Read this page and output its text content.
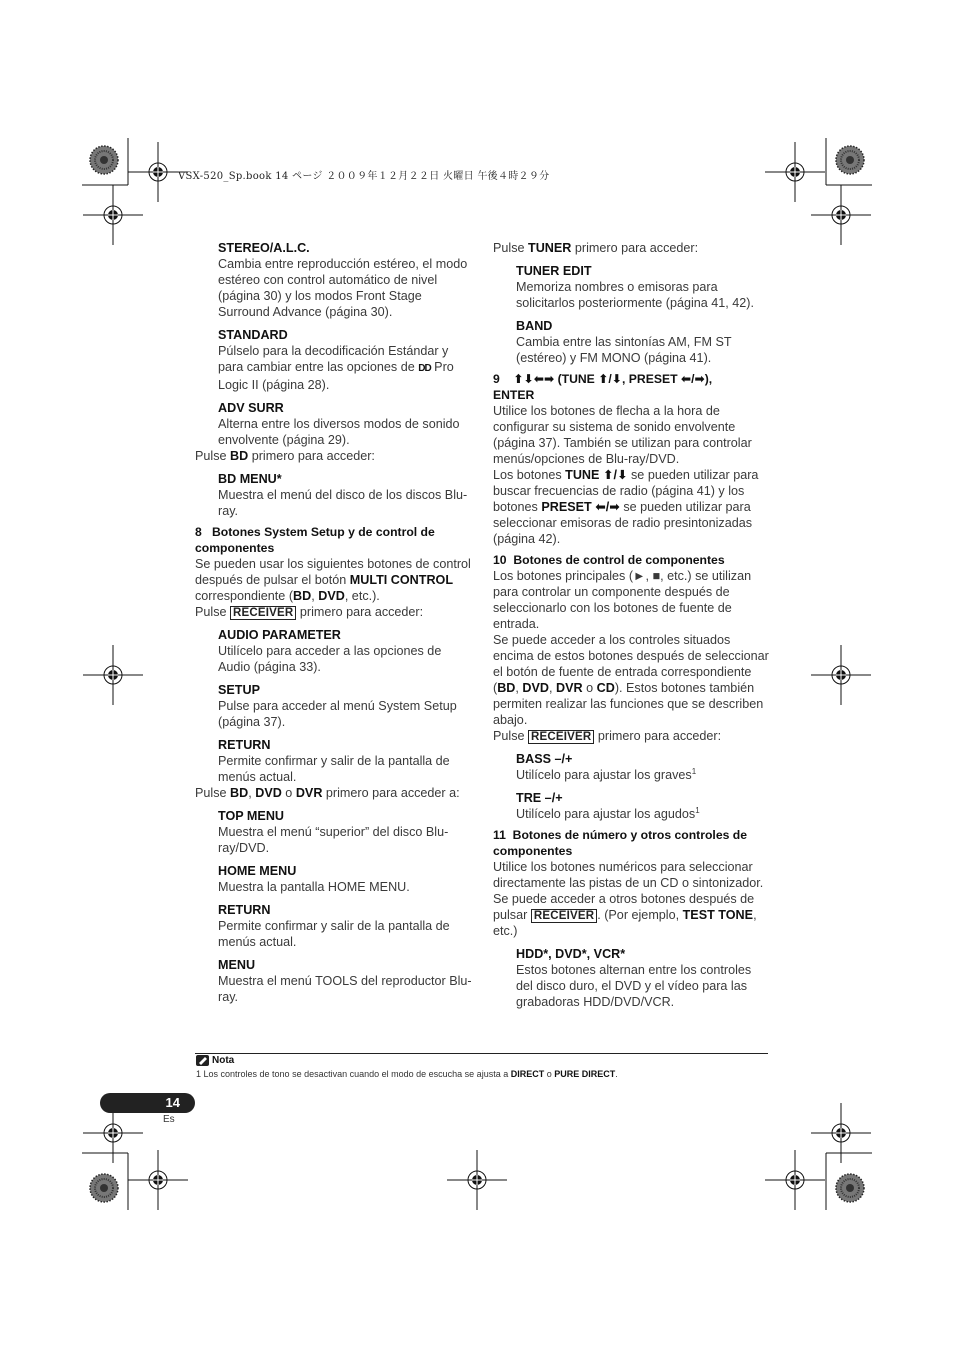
VSX-520_Sp.book 14 ページ ２００９年１２月２２日 火曜日 午後４時２９分

STEREO/A.L.C.

Cambia entre reproducción estéreo, el modo estéreo con control automático de nivel (página 30) y los modos Front Stage Surround Advance (página 30).

STANDARD

Púlselo para la decodificación Estándar y para cambiar entre las opciones de DD Pro Logic II (página 28).

ADV SURR

Alterna entre los diversos modos de sonido envolvente (página 29).

Pulse BD primero para acceder:

BD MENU*

Muestra el menú del disco de los discos Blu-ray.

8 Botones System Setup y de control de componentes

Se pueden usar los siguientes botones de control después de pulsar el botón MULTI CONTROL correspondiente (BD, DVD, etc.).

Pulse RECEIVER primero para acceder:

AUDIO PARAMETER

Utilícelo para acceder a las opciones de Audio (página 33).

SETUP

Pulse para acceder al menú System Setup (página 37).

RETURN

Permite confirmar y salir de la pantalla de menús actual.

Pulse BD, DVD o DVR primero para acceder a:

TOP MENU

Muestra el menú “superior” del disco Blu-ray/DVD.

HOME MENU

Muestra la pantalla HOME MENU.

RETURN

Permite confirmar y salir de la pantalla de menús actual.

MENU

Muestra el menú TOOLS del reproductor Blu-ray.

Pulse TUNER primero para acceder:

TUNER EDIT

Memoriza nombres o emisoras para solicitarlos posteriormente (página 41, 42).

BAND

Cambia entre las sintonías AM, FM ST (estéreo) y FM MONO (página 41).

9 ⬆⬇⬅➡ (TUNE ⬆/⬇, PRESET ⬅/➡),
ENTER

Utilice los botones de flecha a la hora de configurar su sistema de sonido envolvente (página 37). También se utilizan para controlar menús/opciones de Blu-ray/DVD.

Los botones TUNE ⬆/⬇ se pueden utilizar para buscar frecuencias de radio (página 41) y los botones PRESET ⬅/➡ se pueden utilizar para seleccionar emisoras de radio presintonizadas (página 42).

10 Botones de control de componentes

Los botones principales (►, ■, etc.) se utilizan para controlar un componente después de seleccionarlo con los botones de fuente de entrada.

Se puede acceder a los controles situados encima de estos botones después de seleccionar el botón de fuente de entrada correspondiente (BD, DVD, DVR o CD). Estos botones también permiten realizar las funciones que se describen abajo.

Pulse RECEIVER primero para acceder:

BASS –/+

Utilícelo para ajustar los graves$^1$

TRE –/+

Utilícelo para ajustar los agudos$^1$

11 Botones de número y otros controles de componentes

Utilice los botones numéricos para seleccionar directamente las pistas de un CD o sintonizador. Se puede acceder a otros botones después de pulsar RECEIVER . (Por ejemplo, TEST TONE, etc.)

HDD*, DVD*, VCR*

Estos botones alternan entre los controles del disco duro, el DVD y el vídeo para las grabadoras HDD/DVD/VCR.

Nota
1 Los controles de tono se desactivan cuando el modo de escucha se ajusta a DIRECT o PURE DIRECT.
14
Es
